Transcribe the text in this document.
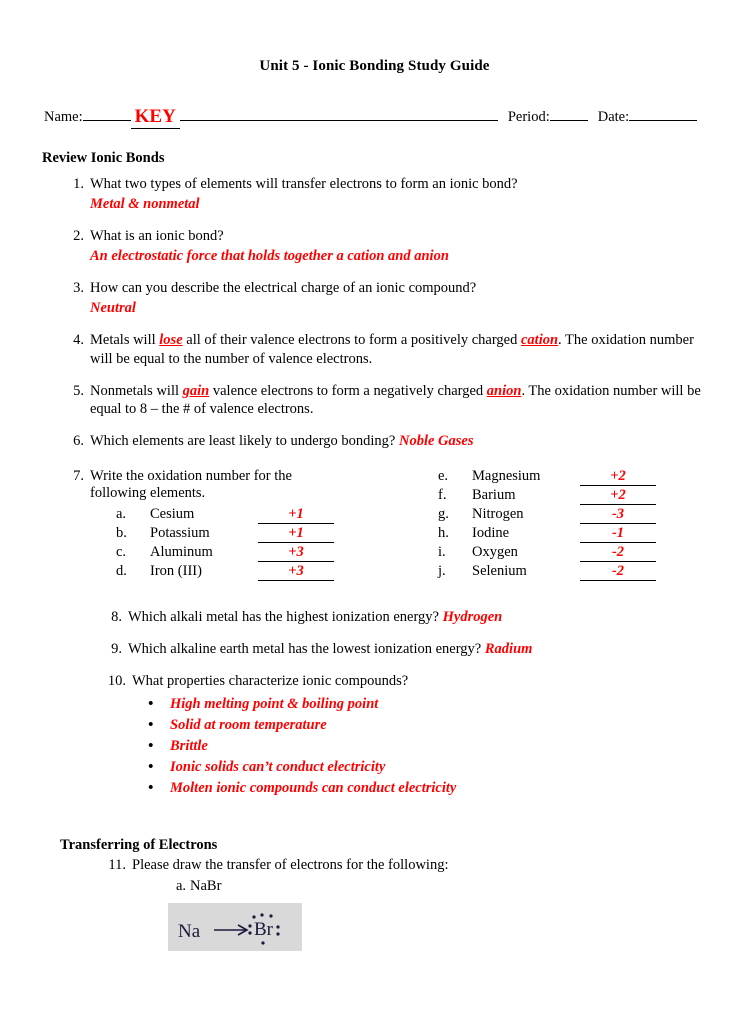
Unit 5 - Ionic Bonding Study Guide
Name:	KEY	Period:	Date:
Review Ionic Bonds
1. What two types of elements will transfer electrons to form an ionic bond?
Metal & nonmetal
2. What is an ionic bond?
An electrostatic force that holds together a cation and anion
3. How can you describe the electrical charge of an ionic compound?
Neutral
4. Metals will lose all of their valence electrons to form a positively charged cation. The oxidation number will be equal to the number of valence electrons.
5. Nonmetals will gain valence electrons to form a negatively charged anion. The oxidation number will be equal to 8 – the # of valence electrons.
6. Which elements are least likely to undergo bonding? Noble Gases
7. Write the oxidation number for the
following elements.
a.	Cesium	+1
b.	Potassium	+1
c.	Aluminum	+3
d.	Iron (III)	+3
e.	Magnesium	+2
f.	Barium	+2
g.	Nitrogen	-3
h.	Iodine	-1
i.	Oxygen	-2
j.	Selenium	-2
8. Which alkali metal has the highest ionization energy? Hydrogen
9. Which alkaline earth metal has the lowest ionization energy? Radium
10. What properties characterize ionic compounds?
• High melting point & boiling point
• Solid at room temperature
• Brittle
• Ionic solids can’t conduct electricity
• Molten ionic compounds can conduct electricity
Transferring of Electrons
11. Please draw the transfer of electrons for the following:
a. NaBr
Na	Br
